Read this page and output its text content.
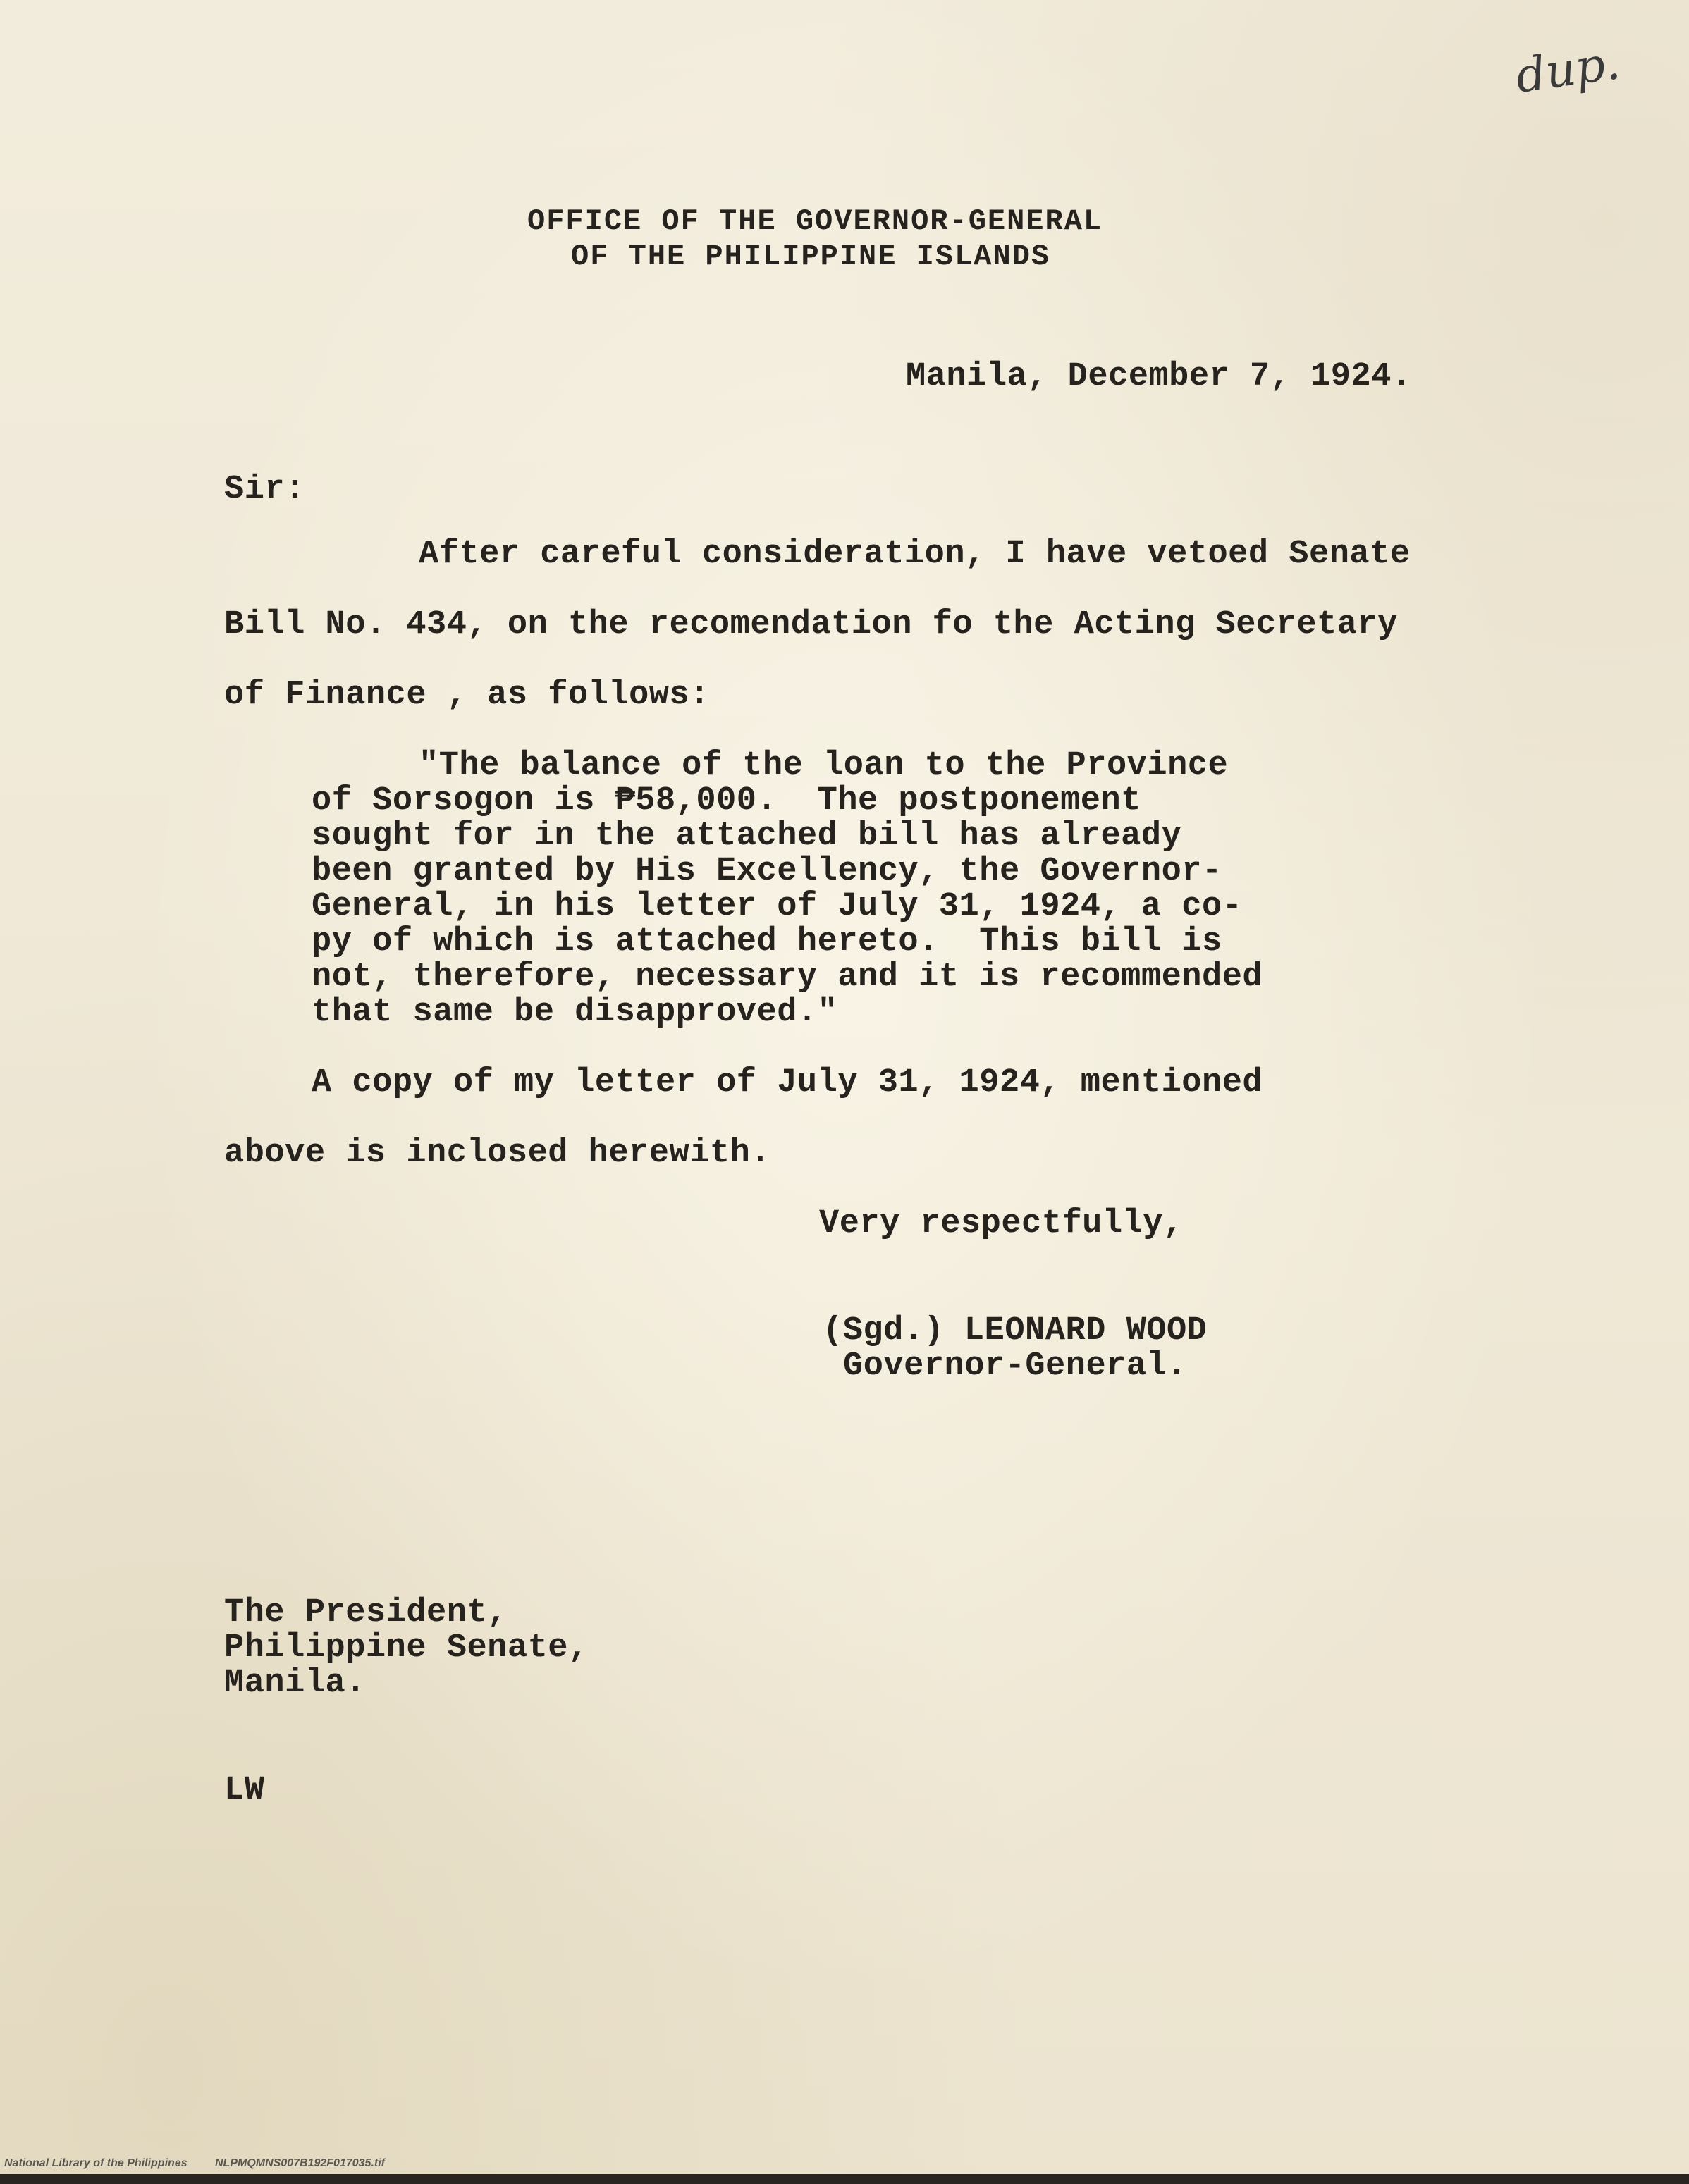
dup.
OFFICE OF THE GOVERNOR-GENERAL
OF THE PHILIPPINE ISLANDS
Manila, December 7, 1924.
Sir:
After careful consideration, I have vetoed Senate
Bill No. 434, on the recomendation fo the Acting Secretary
of Finance , as follows:
"The balance of the loan to the Province
of Sorsogon is ₱58,000.  The postponement
sought for in the attached bill has already
been granted by His Excellency, the Governor-
General, in his letter of July 31, 1924, a co-
py of which is attached hereto.  This bill is
not, therefore, necessary and it is recommended
that same be disapproved."
A copy of my letter of July 31, 1924, mentioned
above is inclosed herewith.
Very respectfully,
(Sgd.) LEONARD WOOD
Governor-General.
The President,
Philippine Senate,
Manila.
LW
National Library of the Philippines NLPMQMNS007B192F017035.tif
